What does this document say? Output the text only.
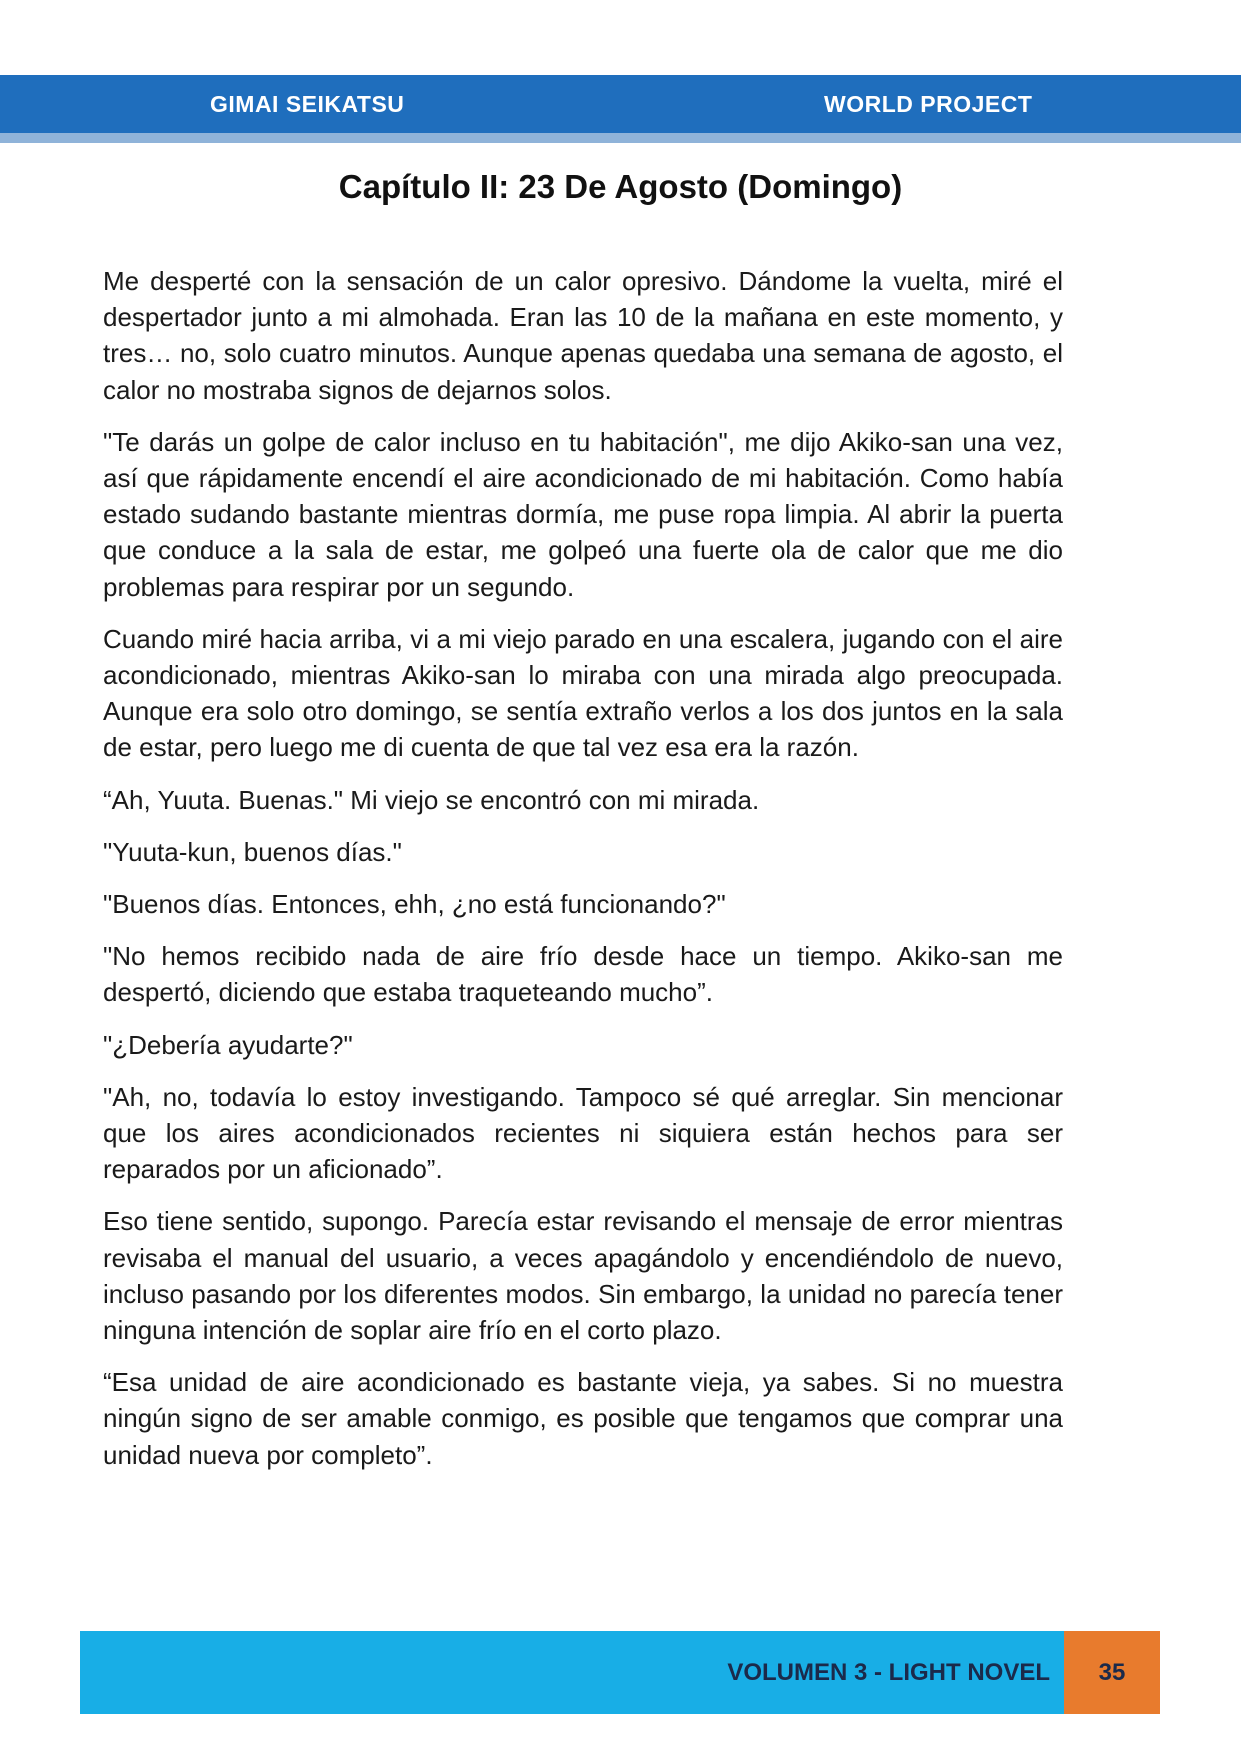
GIMAI SEIKATSU	WORLD PROJECT
Capítulo II: 23 De Agosto (Domingo)

Me desperté con la sensación de un calor opresivo. Dándome la vuelta, miré el despertador junto a mi almohada. Eran las 10 de la mañana en este momento, y tres… no, solo cuatro minutos. Aunque apenas quedaba una semana de agosto, el calor no mostraba signos de dejarnos solos.

"Te darás un golpe de calor incluso en tu habitación", me dijo Akiko-san una vez, así que rápidamente encendí el aire acondicionado de mi habitación. Como había estado sudando bastante mientras dormía, me puse ropa limpia. Al abrir la puerta que conduce a la sala de estar, me golpeó una fuerte ola de calor que me dio problemas para respirar por un segundo.

Cuando miré hacia arriba, vi a mi viejo parado en una escalera, jugando con el aire acondicionado, mientras Akiko-san lo miraba con una mirada algo preocupada. Aunque era solo otro domingo, se sentía extraño verlos a los dos juntos en la sala de estar, pero luego me di cuenta de que tal vez esa era la razón.

“Ah, Yuuta. Buenas." Mi viejo se encontró con mi mirada.

"Yuuta-kun, buenos días."

"Buenos días. Entonces, ehh, ¿no está funcionando?"

"No hemos recibido nada de aire frío desde hace un tiempo. Akiko-san me despertó, diciendo que estaba traqueteando mucho”.

"¿Debería ayudarte?"

"Ah, no, todavía lo estoy investigando. Tampoco sé qué arreglar. Sin mencionar que los aires acondicionados recientes ni siquiera están hechos para ser reparados por un aficionado”.

Eso tiene sentido, supongo. Parecía estar revisando el mensaje de error mientras revisaba el manual del usuario, a veces apagándolo y encendiéndolo de nuevo, incluso pasando por los diferentes modos. Sin embargo, la unidad no parecía tener ninguna intención de soplar aire frío en el corto plazo.

“Esa unidad de aire acondicionado es bastante vieja, ya sabes. Si no muestra ningún signo de ser amable conmigo, es posible que tengamos que comprar una unidad nueva por completo”.

VOLUMEN 3 - LIGHT NOVEL	35
